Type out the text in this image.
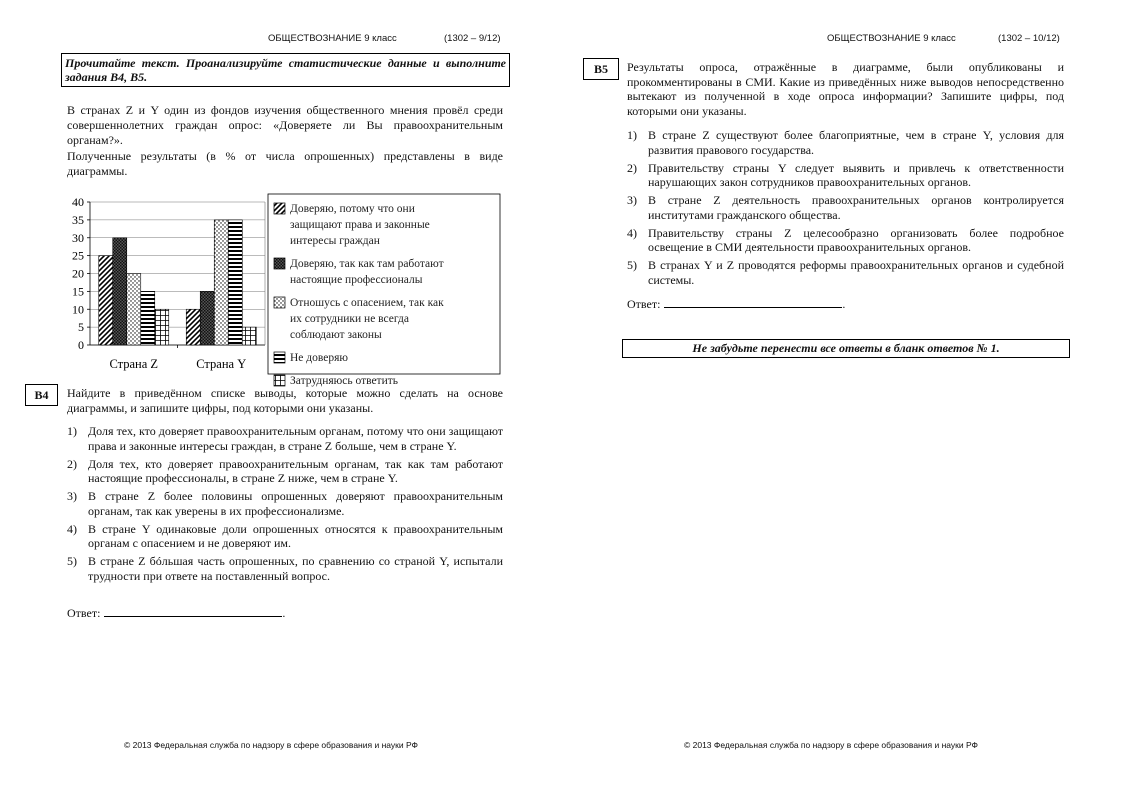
ОБЩЕСТВОЗНАНИЕ 9 класс	(1302 – 9/12)
Прочитайте текст. Проанализируйте статистические данные и выполните задания B4, B5.
В странах Z и Y один из фондов изучения общественного мнения провёл среди совершеннолетних граждан опрос: «Доверяете ли Вы правоохранительным органам?».
Полученные результаты (в % от числа опрошенных) представлены в виде диаграммы.
0
5
10
15
20
25
30
35
40
Страна Z	Страна Y
Доверяю, потому что они защищают права и законные интересы граждан
Доверяю, так как там работают настоящие профессионалы
Отношусь с опасением, так как их сотрудники не всегда соблюдают законы
Не доверяю
Затрудняюсь ответить
B4	Найдите в приведённом списке выводы, которые можно сделать на основе диаграммы, и запишите цифры, под которыми они указаны.
1) Доля тех, кто доверяет правоохранительным органам, потому что они защищают права и законные интересы граждан, в стране Z больше, чем в стране Y.
2) Доля тех, кто доверяет правоохранительным органам, так как там работают настоящие профессионалы, в стране Z ниже, чем в стране Y.
3) В стране Z более половины опрошенных доверяют правоохранительным органам, так как уверены в их профессионализме.
4) В стране Y одинаковые доли опрошенных относятся к правоохранительным органам с опасением и не доверяют им.
5) В стране Z бóльшая часть опрошенных, по сравнению со страной Y, испытали трудности при ответе на поставленный вопрос.
Ответ:	.
© 2013 Федеральная служба по надзору в сфере образования и науки РФ
ОБЩЕСТВОЗНАНИЕ 9 класс	(1302 – 10/12)
B5	Результаты опроса, отражённые в диаграмме, были опубликованы и прокомментированы в СМИ. Какие из приведённых ниже выводов непосредственно вытекают из полученной в ходе опроса информации? Запишите цифры, под которыми они указаны.
1) В стране Z существуют более благоприятные, чем в стране Y, условия для развития правового государства.
2) Правительству страны Y следует выявить и привлечь к ответственности нарушающих закон сотрудников правоохранительных органов.
3) В стране Z деятельность правоохранительных органов контролируется институтами гражданского общества.
4) Правительству страны Z целесообразно организовать более подробное освещение в СМИ деятельности правоохранительных органов.
5) В странах Y и Z проводятся реформы правоохранительных органов и судебной системы.
Ответ:	.
Не забудьте перенести все ответы в бланк ответов № 1.
© 2013 Федеральная служба по надзору в сфере образования и науки РФ
